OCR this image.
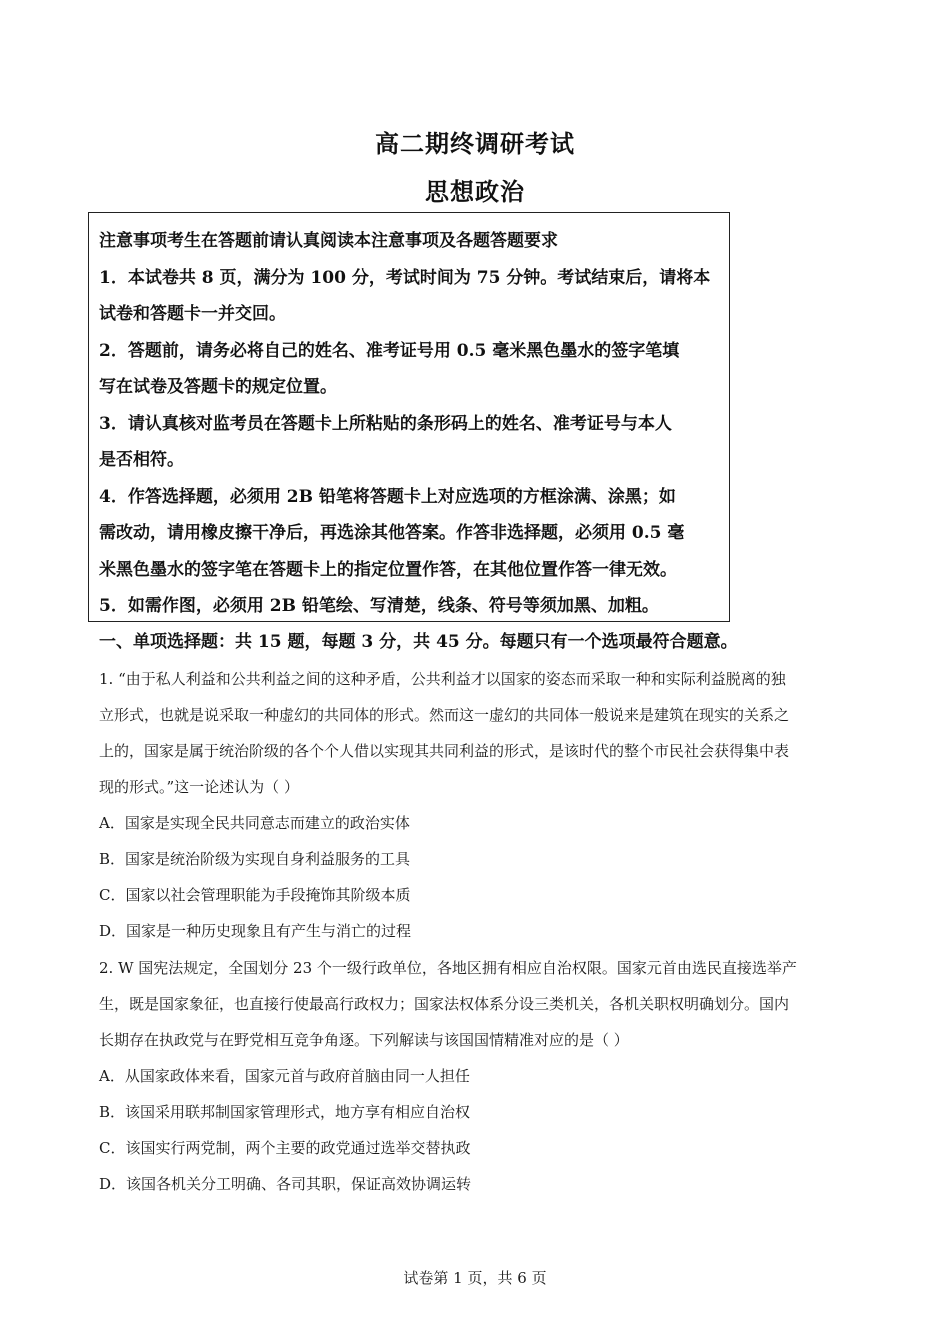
高二期终调研考试
思想政治
注意事项考生在答题前请认真阅读本注意事项及各题答题要求
1．本试卷共 8 页，满分为 100 分，考试时间为 75 分钟。考试结束后，请将本
试卷和答题卡一并交回。
2．答题前，请务必将自己的姓名、准考证号用 0.5 毫米黑色墨水的签字笔填
写在试卷及答题卡的规定位置。
3．请认真核对监考员在答题卡上所粘贴的条形码上的姓名、准考证号与本人
是否相符。
4．作答选择题，必须用 2B 铅笔将答题卡上对应选项的方框涂满、涂黑；如
需改动，请用橡皮擦干净后，再选涂其他答案。作答非选择题，必须用 0.5 毫
米黑色墨水的签字笔在答题卡上的指定位置作答，在其他位置作答一律无效。
5．如需作图，必须用 2B 铅笔绘、写清楚，线条、符号等须加黑、加粗。
一、单项选择题：共 15 题，每题 3 分，共 45 分。每题只有一个选项最符合题意。
1. “由于私人利益和公共利益之间的这种矛盾，公共利益才以国家的姿态而采取一种和实际利益脱离的独
立形式，也就是说采取一种虚幻的共同体的形式。然而这一虚幻的共同体一般说来是建筑在现实的关系之
上的，国家是属于统治阶级的各个个人借以实现其共同利益的形式，是该时代的整个市民社会获得集中表
现的形式。”这一论述认为（ ）
A．国家是实现全民共同意志而建立的政治实体
B．国家是统治阶级为实现自身利益服务的工具
C．国家以社会管理职能为手段掩饰其阶级本质
D．国家是一种历史现象且有产生与消亡的过程
2. W 国宪法规定，全国划分 23 个一级行政单位，各地区拥有相应自治权限。国家元首由选民直接选举产
生，既是国家象征，也直接行使最高行政权力；国家法权体系分设三类机关，各机关职权明确划分。国内
长期存在执政党与在野党相互竞争角逐。下列解读与该国国情精准对应的是（ ）
A．从国家政体来看，国家元首与政府首脑由同一人担任
B．该国采用联邦制国家管理形式，地方享有相应自治权
C．该国实行两党制，两个主要的政党通过选举交替执政
D．该国各机关分工明确、各司其职，保证高效协调运转
试卷第 1 页，共 6 页
